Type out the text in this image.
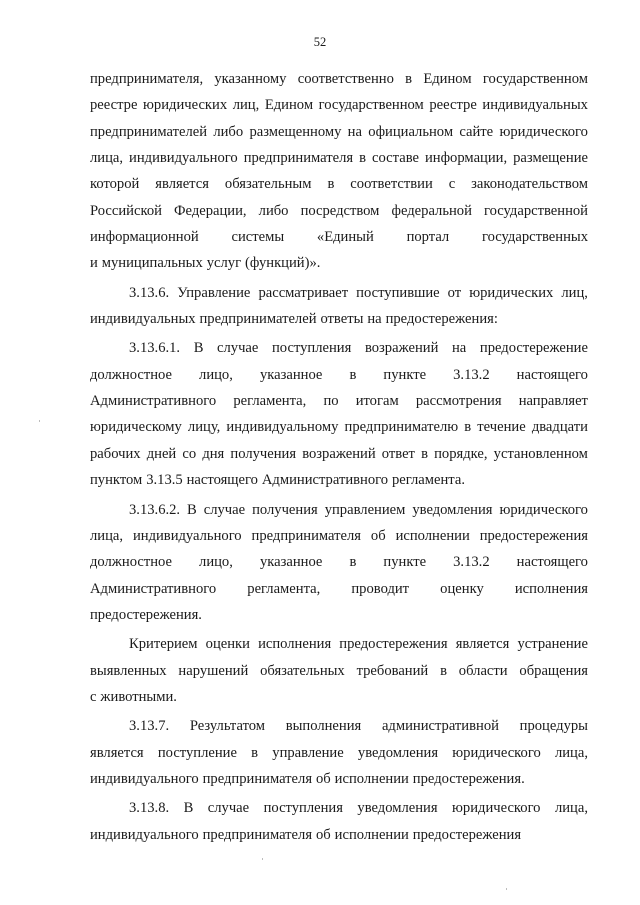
52
предпринимателя, указанному соответственно в Едином государственном
реестре юридических лиц, Едином государственном реестре индивидуальных
предпринимателей либо размещенному на официальном сайте юридического
лица, индивидуального предпринимателя в составе информации, размещение
которой является обязательным в соответствии с законодательством
Российской Федерации, либо посредством федеральной государственной
информационной системы «Единый портал государственных
и муниципальных услуг (функций)».
3.13.6. Управление рассматривает поступившие от юридических лиц,
индивидуальных предпринимателей ответы на предостережения:
3.13.6.1. В случае поступления возражений на предостережение
должностное лицо, указанное в пункте 3.13.2 настоящего
Административного регламента, по итогам рассмотрения направляет
юридическому лицу, индивидуальному предпринимателю в течение двадцати
рабочих дней со дня получения возражений ответ в порядке, установленном
пунктом 3.13.5 настоящего Административного регламента.
3.13.6.2. В случае получения управлением уведомления юридического
лица, индивидуального предпринимателя об исполнении предостережения
должностное лицо, указанное в пункте 3.13.2 настоящего
Административного регламента, проводит оценку исполнения
предостережения.
Критерием оценки исполнения предостережения является устранение
выявленных нарушений обязательных требований в области обращения
с животными.
3.13.7. Результатом выполнения административной процедуры
является поступление в управление уведомления юридического лица,
индивидуального предпринимателя об исполнении предостережения.
3.13.8. В случае поступления уведомления юридического лица,
индивидуального предпринимателя об исполнении предостережения
